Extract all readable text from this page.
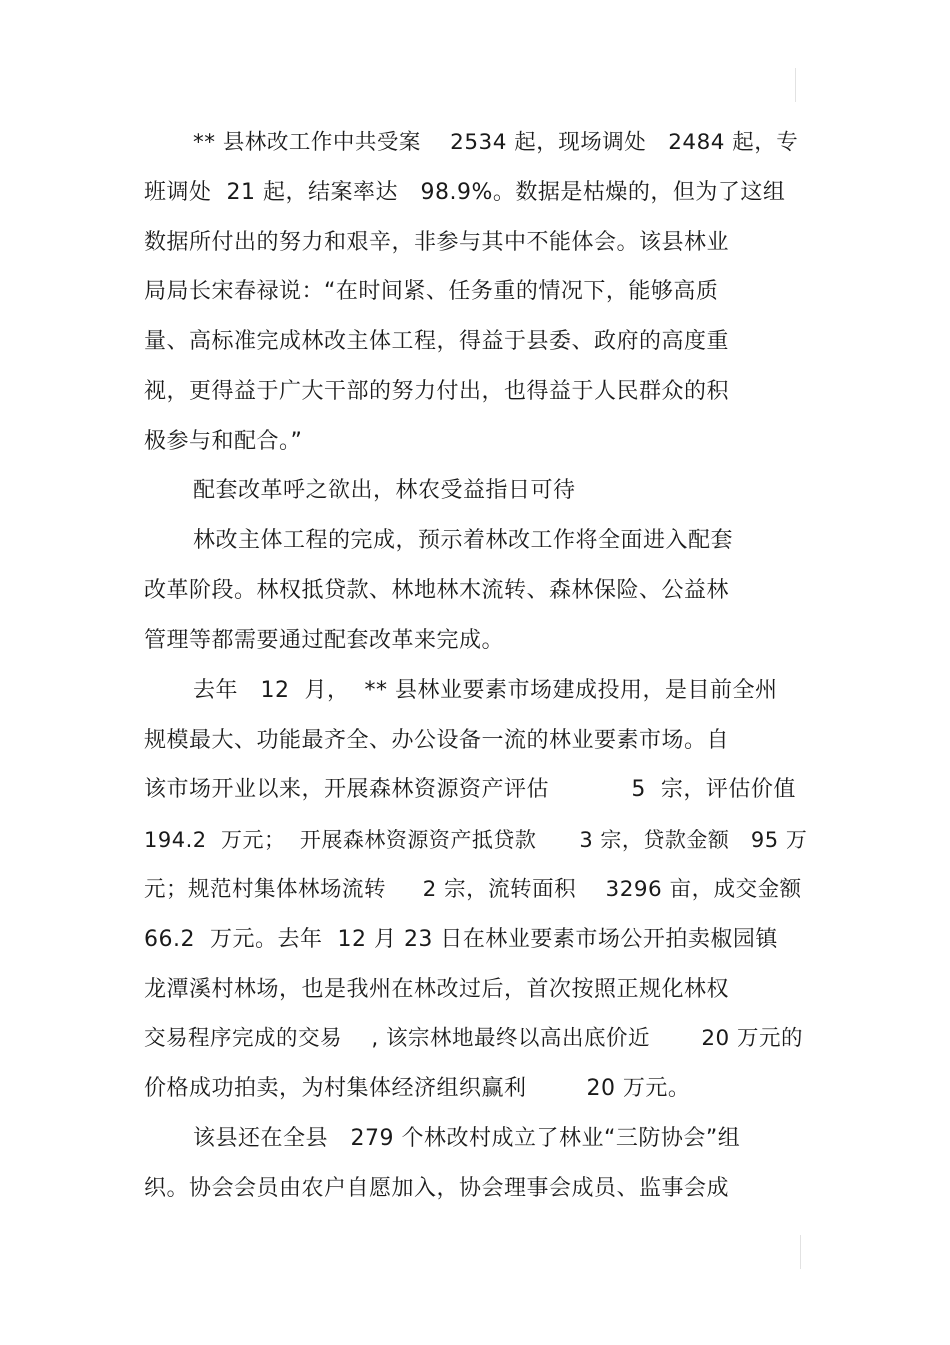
** 县林改工作中共受案    2534 起，现场调处   2484 起，专

班调处  21 起，结案率达   98.9%。数据是枯燥的，但为了这组

数据所付出的努力和艰辛，非参与其中不能体会。该县林业

局局长宋春禄说：“在时间紧、任务重的情况下，能够高质

量、高标准完成林改主体工程，得益于县委、政府的高度重

视，更得益于广大干部的努力付出，也得益于人民群众的积

极参与和配合。”

配套改革呼之欲出，林农受益指日可待

林改主体工程的完成，预示着林改工作将全面进入配套

改革阶段。林权抵贷款、林地林木流转、森林保险、公益林

管理等都需要通过配套改革来完成。

去年   12  月，  ** 县林业要素市场建成投用，是目前全州

规模最大、功能最齐全、办公设备一流的林业要素市场。自

该市场开业以来，开展森林资源资产评估           5  宗，评估价值

194.2  万元；  开展森林资源资产抵贷款      3 宗，贷款金额   95 万

元；规范村集体林场流转     2 宗，流转面积    3296 亩，成交金额

66.2  万元。去年  12 月 23 日在林业要素市场公开拍卖椒园镇

龙潭溪村林场，也是我州在林改过后，首次按照正规化林权

交易程序完成的交易    , 该宗林地最终以高出底价近       20 万元的

价格成功拍卖，为村集体经济组织赢利        20 万元。

该县还在全县   279 个林改村成立了林业“三防协会”组

织。协会会员由农户自愿加入，协会理事会成员、监事会成
